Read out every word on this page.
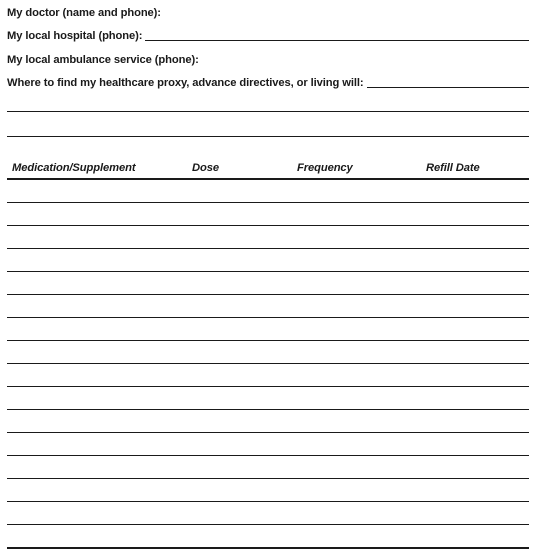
My doctor (name and phone):
My local hospital (phone):
My local ambulance service (phone):
Where to find my healthcare proxy, advance directives, or living will:
Medication/Supplement	Dose	Frequency	Refill Date
